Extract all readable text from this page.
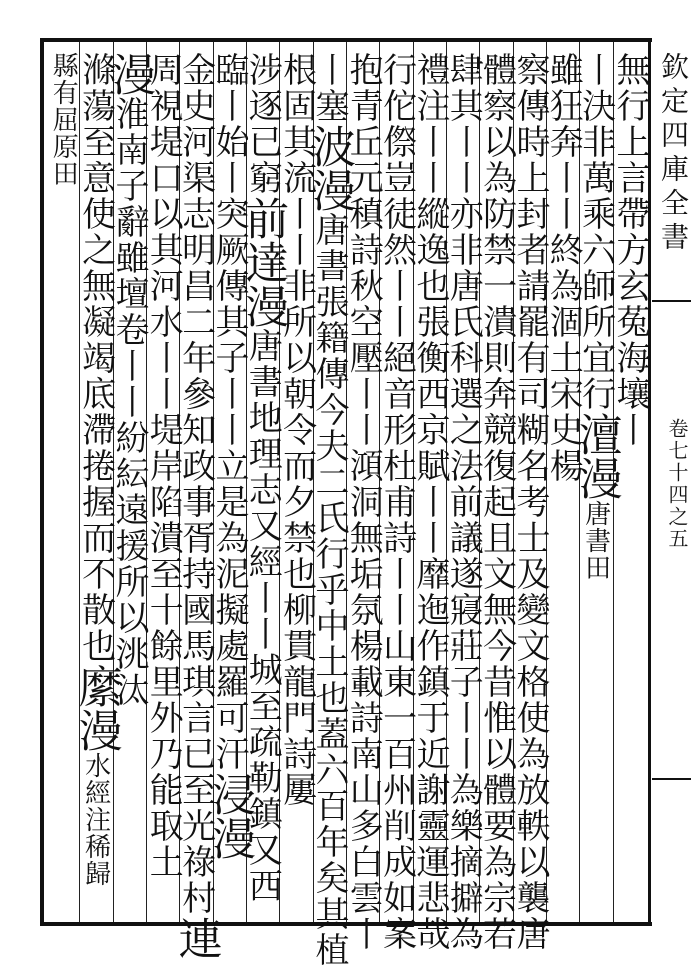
欽定四庫全書
卷七十四之五
無行上言帶方玄菟海壤丨
丨決非萬乘六師所宜行澶漫唐書田
雖狂奔丨丨終為涸土宋史楊
察傳時上封者請罷有司糊名考士及變文格使為放軼以襲唐
體察以為防禁一潰則奔競復起且文無今昔惟以體要為宗若
肆其丨丨亦非唐氏科選之法前議遂寢莊子丨丨為樂摘擗為
禮注丨丨縱逸也張衡西京賦丨丨靡迤作鎮于近謝靈運悲哉
行佗傺豈徒然丨丨絕音形杜甫詩丨丨山東一百州削成如案
抱青丘元稹詩秋空壓丨丨澒洞無垢氛楊載詩南山多白雲丨
丨塞波漫唐書張籍傳今夫二氏行乎中土也蓋六百年矣其植
根固其流丨丨非所以朝令而夕禁也柳貫龍門詩屢
涉逐已窮前達漫唐書地理志又經丨丨城至疏勒鎮又西
臨丨始丨突厥傳其子丨丨立是為泥擬處羅可汗浸漫
金史河渠志明昌二年參知政事胥持國馬琪言已至光祿村連
周視堤口以其河水丨丨堤岸陷潰至十餘里外乃能取土
漫淮南子辭雖壇卷丨丨紛紜遠援所以洮汰
滌蕩至意使之無凝竭底滯捲握而不散也縻漫水經注稀歸
縣有屈原田
